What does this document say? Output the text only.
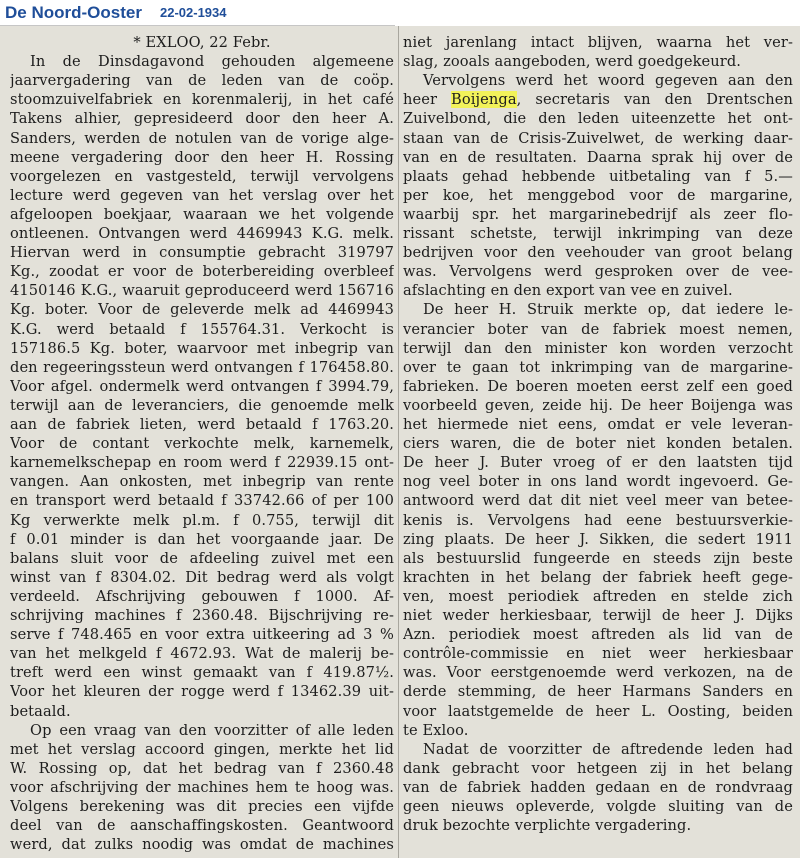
De Noord-Ooster 22-02-1934
* EXLOO, 22 Febr.
In de Dinsdagavond gehouden algemeene
jaarvergadering van de leden van de coöp.
stoomzuivelfabriek en korenmalerij, in het café
Takens alhier, gepresideerd door den heer A.
Sanders, werden de notulen van de vorige alge-
meene vergadering door den heer H. Rossing
voorgelezen en vastgesteld, terwijl vervolgens
lecture werd gegeven van het verslag over het
afgeloopen boekjaar, waaraan we het volgende
ontleenen. Ontvangen werd 4469943 K.G. melk.
Hiervan werd in consumptie gebracht 319797
Kg., zoodat er voor de boterbereiding overbleef
4150146 K.G., waaruit geproduceerd werd 156716
Kg. boter. Voor de geleverde melk ad 4469943
K.G. werd betaald f 155764.31. Verkocht is
157186.5 Kg. boter, waarvoor met inbegrip van
den regeeringssteun werd ontvangen f 176458.80.
Voor afgel. ondermelk werd ontvangen f 3994.79,
terwijl aan de leveranciers, die genoemde melk
aan de fabriek lieten, werd betaald f 1763.20.
Voor de contant verkochte melk, karnemelk,
karnemelkschepap en room werd f 22939.15 ont-
vangen. Aan onkosten, met inbegrip van rente
en transport werd betaald f 33742.66 of per 100
Kg verwerkte melk pl.m. f 0.755, terwijl dit
f 0.01 minder is dan het voorgaande jaar. De
balans sluit voor de afdeeling zuivel met een
winst van f 8304.02. Dit bedrag werd als volgt
verdeeld. Afschrijving gebouwen f 1000. Af-
schrijving machines f 2360.48. Bijschrijving re-
serve f 748.465 en voor extra uitkeering ad 3 %
van het melkgeld f 4672.93. Wat de malerij be-
treft werd een winst gemaakt van f 419.87½.
Voor het kleuren der rogge werd f 13462.39 uit-
betaald.
Op een vraag van den voorzitter of alle leden
met het verslag accoord gingen, merkte het lid
W. Rossing op, dat het bedrag van f 2360.48
voor afschrijving der machines hem te hoog was.
Volgens berekening was dit precies een vijfde
deel van de aanschaffingskosten. Geantwoord
werd, dat zulks noodig was omdat de machines
niet jarenlang intact blijven, waarna het ver-
slag, zooals aangeboden, werd goedgekeurd.
Vervolgens werd het woord gegeven aan den
heer Boijenga, secretaris van den Drentschen
Zuivelbond, die den leden uiteenzette het ont-
staan van de Crisis-Zuivelwet, de werking daar-
van en de resultaten. Daarna sprak hij over de
plaats gehad hebbende uitbetaling van f 5.—
per koe, het menggebod voor de margarine,
waarbij spr. het margarinebedrijf als zeer flo-
rissant schetste, terwijl inkrimping van deze
bedrijven voor den veehouder van groot belang
was. Vervolgens werd gesproken over de vee-
afslachting en den export van vee en zuivel.
De heer H. Struik merkte op, dat iedere le-
verancier boter van de fabriek moest nemen,
terwijl dan den minister kon worden verzocht
over te gaan tot inkrimping van de margarine-
fabrieken. De boeren moeten eerst zelf een goed
voorbeeld geven, zeide hij. De heer Boijenga was
het hiermede niet eens, omdat er vele leveran-
ciers waren, die de boter niet konden betalen.
De heer J. Buter vroeg of er den laatsten tijd
nog veel boter in ons land wordt ingevoerd. Ge-
antwoord werd dat dit niet veel meer van betee-
kenis is. Vervolgens had eene bestuursverkie-
zing plaats. De heer J. Sikken, die sedert 1911
als bestuurslid fungeerde en steeds zijn beste
krachten in het belang der fabriek heeft gege-
ven, moest periodiek aftreden en stelde zich
niet weder herkiesbaar, terwijl de heer J. Dijks
Azn. periodiek moest aftreden als lid van de
contrôle-commissie en niet weer herkiesbaar
was. Voor eerstgenoemde werd verkozen, na de
derde stemming, de heer Harmans Sanders en
voor laatstgemelde de heer L. Oosting, beiden
te Exloo.
Nadat de voorzitter de aftredende leden had
dank gebracht voor hetgeen zij in het belang
van de fabriek hadden gedaan en de rondvraag
geen nieuws opleverde, volgde sluiting van de
druk bezochte verplichte vergadering.
